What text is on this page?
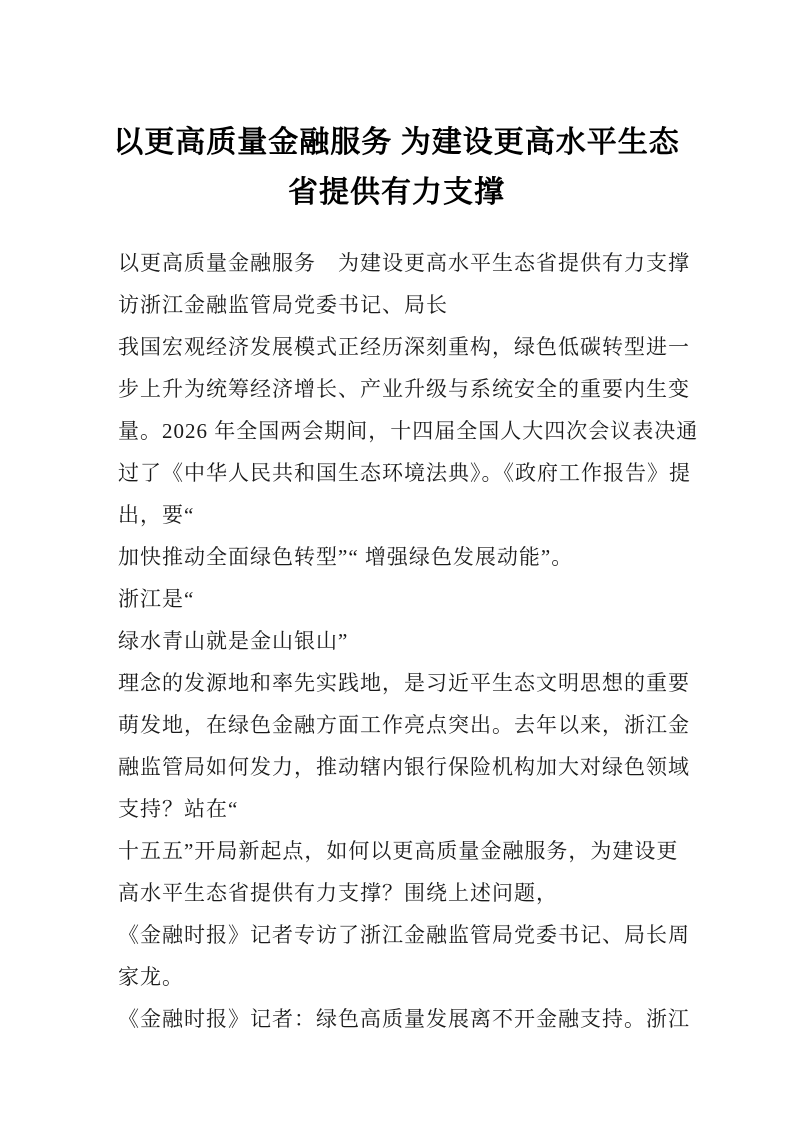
以更高质量金融服务 为建设更高水平生态
省提供有力支撑
以更高质量金融服务　为建设更高水平生态省提供有力支撑
访浙江金融监管局党委书记、局长
我国宏观经济发展模式正经历深刻重构，绿色低碳转型进一
步上升为统筹经济增长、产业升级与系统安全的重要内生变
量。2026 年全国两会期间，十四届全国人大四次会议表决通
过了《中华人民共和国生态环境法典》。《政府工作报告》提
出，要“
加快推动全面绿色转型”“ 增强绿色发展动能”。
浙江是“
绿水青山就是金山银山”
理念的发源地和率先实践地，是习近平生态文明思想的重要
萌发地，在绿色金融方面工作亮点突出。去年以来，浙江金
融监管局如何发力，推动辖内银行保险机构加大对绿色领域
支持？站在“
十五五”开局新起点，如何以更高质量金融服务，为建设更
高水平生态省提供有力支撑？围绕上述问题，
《金融时报》记者专访了浙江金融监管局党委书记、局长周
家龙。
《金融时报》记者：绿色高质量发展离不开金融支持。浙江
